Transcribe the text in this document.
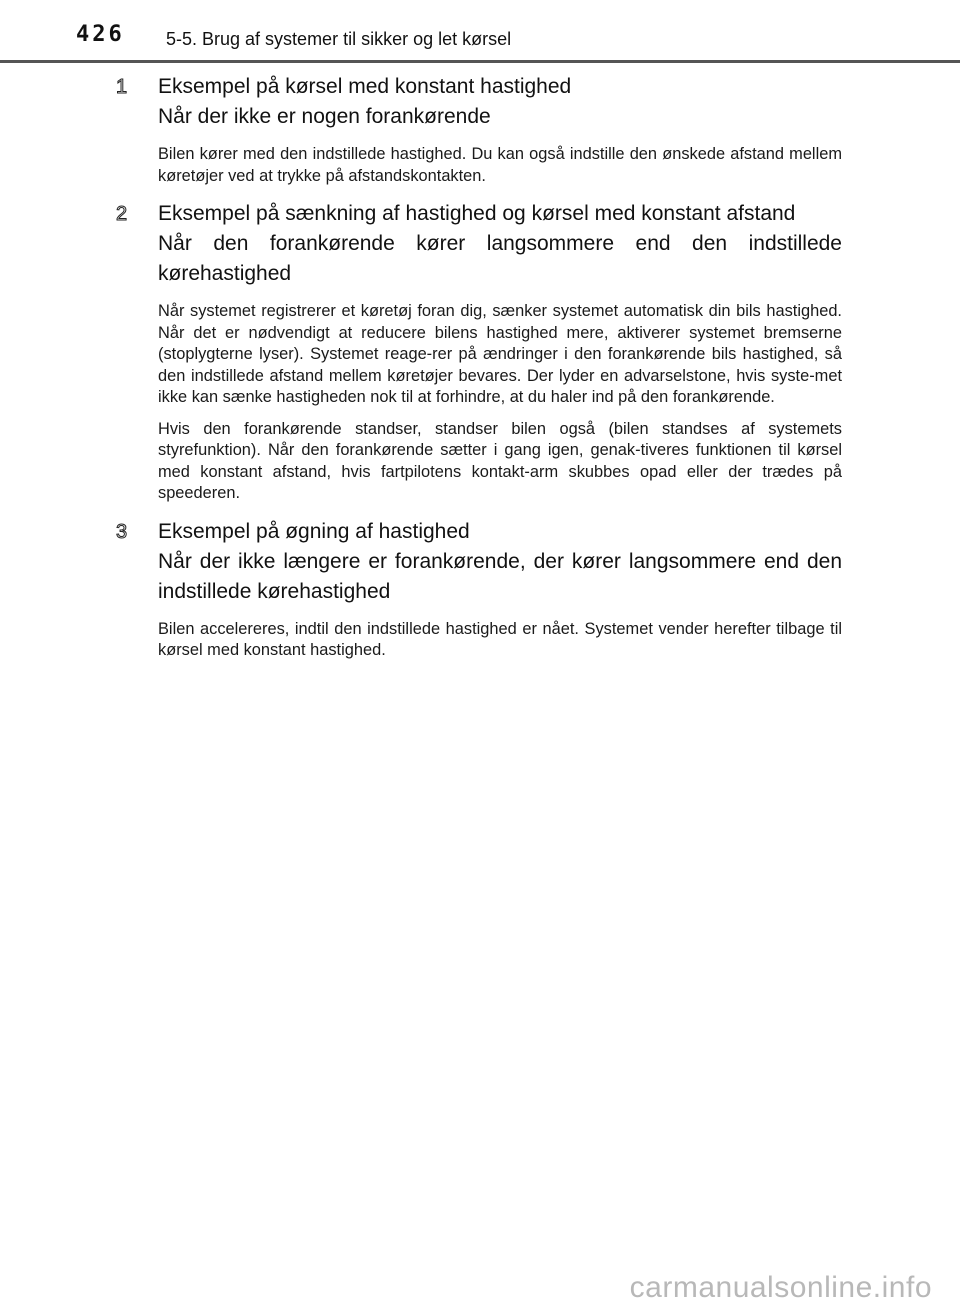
426 5-5. Brug af systemer til sikker og let kørsel
1 Eksempel på kørsel med konstant hastighed
Når der ikke er nogen forankørende

Bilen kører med den indstillede hastighed. Du kan også indstille den ønskede afstand mellem køretøjer ved at trykke på afstandskontakten.

2 Eksempel på sænkning af hastighed og kørsel med konstant afstand
Når den forankørende kører langsommere end den indstillede kørehastighed

Når systemet registrerer et køretøj foran dig, sænker systemet automatisk din bils hastighed. Når det er nødvendigt at reducere bilens hastighed mere, aktiverer systemet bremserne (stoplygterne lyser). Systemet reage-rer på ændringer i den forankørende bils hastighed, så den indstillede afstand mellem køretøjer bevares. Der lyder en advarselstone, hvis syste-met ikke kan sænke hastigheden nok til at forhindre, at du haler ind på den forankørende.

Hvis den forankørende standser, standser bilen også (bilen standses af systemets styrefunktion). Når den forankørende sætter i gang igen, genak-tiveres funktionen til kørsel med konstant afstand, hvis fartpilotens kontakt-arm skubbes opad eller der trædes på speederen.

3 Eksempel på øgning af hastighed
Når der ikke længere er forankørende, der kører langsommere end den indstillede kørehastighed

Bilen accelereres, indtil den indstillede hastighed er nået. Systemet vender herefter tilbage til kørsel med konstant hastighed.

carmanualsonline.info
